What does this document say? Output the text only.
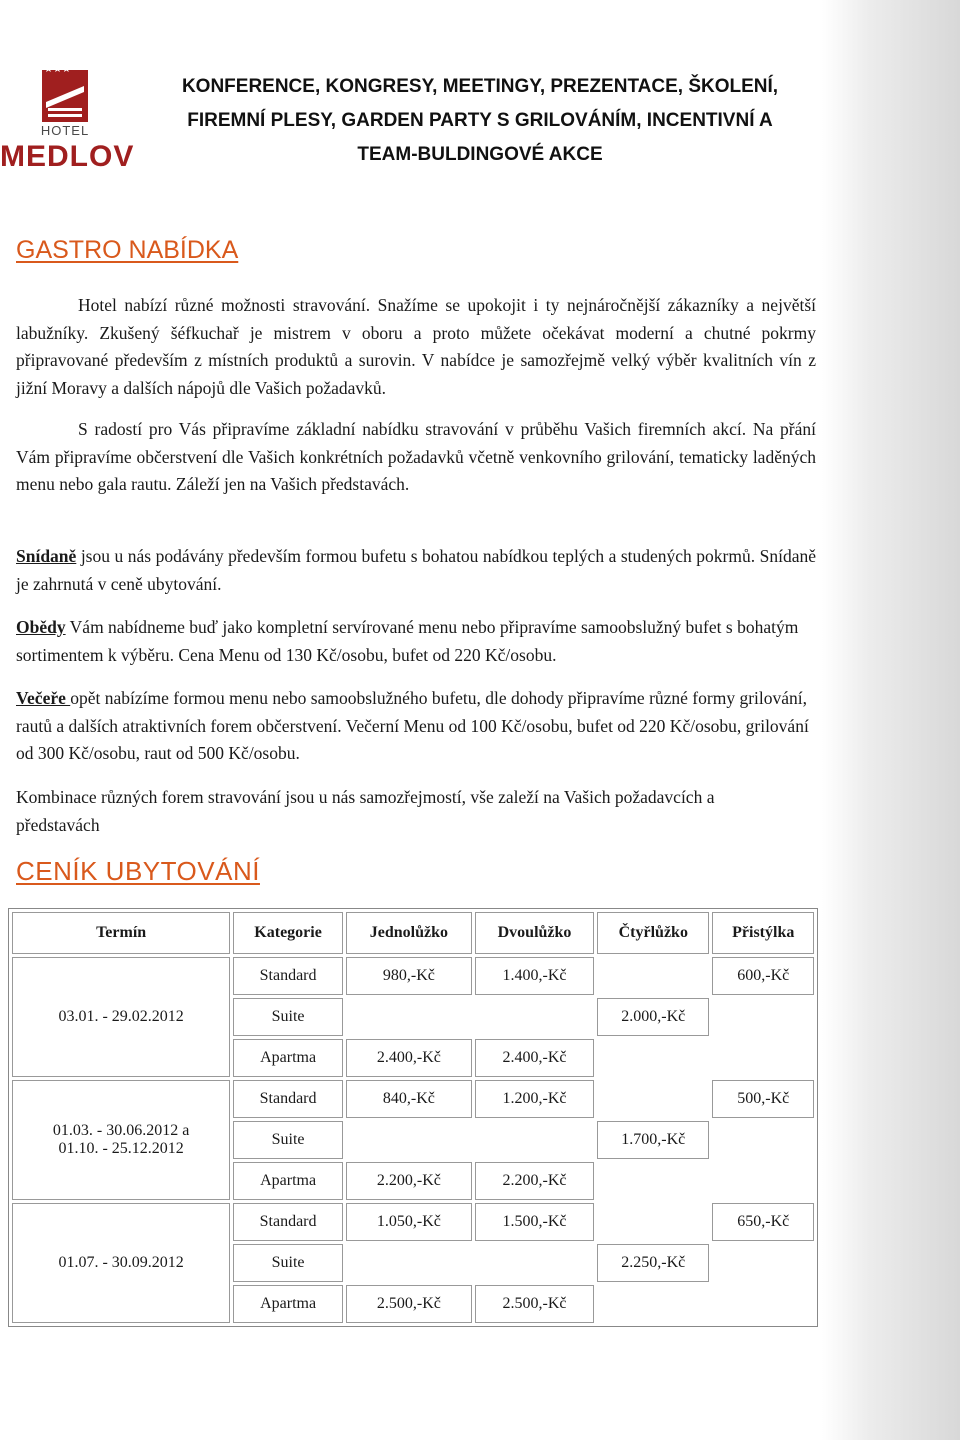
★★★
HOTEL
MEDLOV
KONFERENCE, KONGRESY, MEETINGY, PREZENTACE, ŠKOLENÍ,
FIREMNÍ PLESY, GARDEN PARTY S GRILOVÁNÍM, INCENTIVNÍ A
TEAM-BULDINGOVÉ AKCE
GASTRO NABÍDKA

Hotel nabízí různé možnosti stravování. Snažíme se upokojit i ty nejnáročnější zákazníky a největší labužníky. Zkušený šéfkuchař je mistrem v oboru a proto můžete očekávat moderní a chutné pokrmy připravované především z místních produktů a surovin. V nabídce je samozřejmě velký výběr kvalitních vín z jižní Moravy a dalších nápojů dle Vašich požadavků.

S radostí pro Vás připravíme základní nabídku stravování v průběhu Vašich firemních akcí. Na přání Vám připravíme občerstvení dle Vašich konkrétních požadavků včetně venkovního grilování, tematicky laděných menu nebo gala rautu. Záleží jen na Vašich představách.

Snídaně jsou u nás podávány především formou bufetu s bohatou nabídkou teplých a studených pokrmů. Snídaně je zahrnutá v ceně ubytování.

Obědy Vám nabídneme buď jako kompletní servírované menu nebo připravíme samoobslužný bufet s bohatým sortimentem k výběru. Cena Menu od 130 Kč/osobu, bufet od 220 Kč/osobu.

Večeře opět nabízíme formou menu nebo samoobslužného bufetu, dle dohody připravíme různé formy grilování, rautů a dalších atraktivních forem občerstvení. Večerní Menu od 100 Kč/osobu, bufet od 220 Kč/osobu, grilování od 300 Kč/osobu, raut od 500 Kč/osobu.

Kombinace různých forem stravování jsou u nás samozřejmostí, vše zaleží na Vašich požadavcích a představách

CENÍK UBYTOVÁNÍ
Termín	Kategorie	Jednolůžko	Dvoulůžko	Čtyřlůžko	Přistýlka
03.01. - 29.02.2012	Standard	980,-Kč	1.400,-Kč		600,-Kč
	Suite			2.000,-Kč	
	Apartma	2.400,-Kč	2.400,-Kč		
01.03. - 30.06.2012 a
01.10. - 25.12.2012	Standard	840,-Kč	1.200,-Kč		500,-Kč
	Suite			1.700,-Kč	
	Apartma	2.200,-Kč	2.200,-Kč		
01.07. - 30.09.2012	Standard	1.050,-Kč	1.500,-Kč		650,-Kč
	Suite			2.250,-Kč	
	Apartma	2.500,-Kč	2.500,-Kč		
